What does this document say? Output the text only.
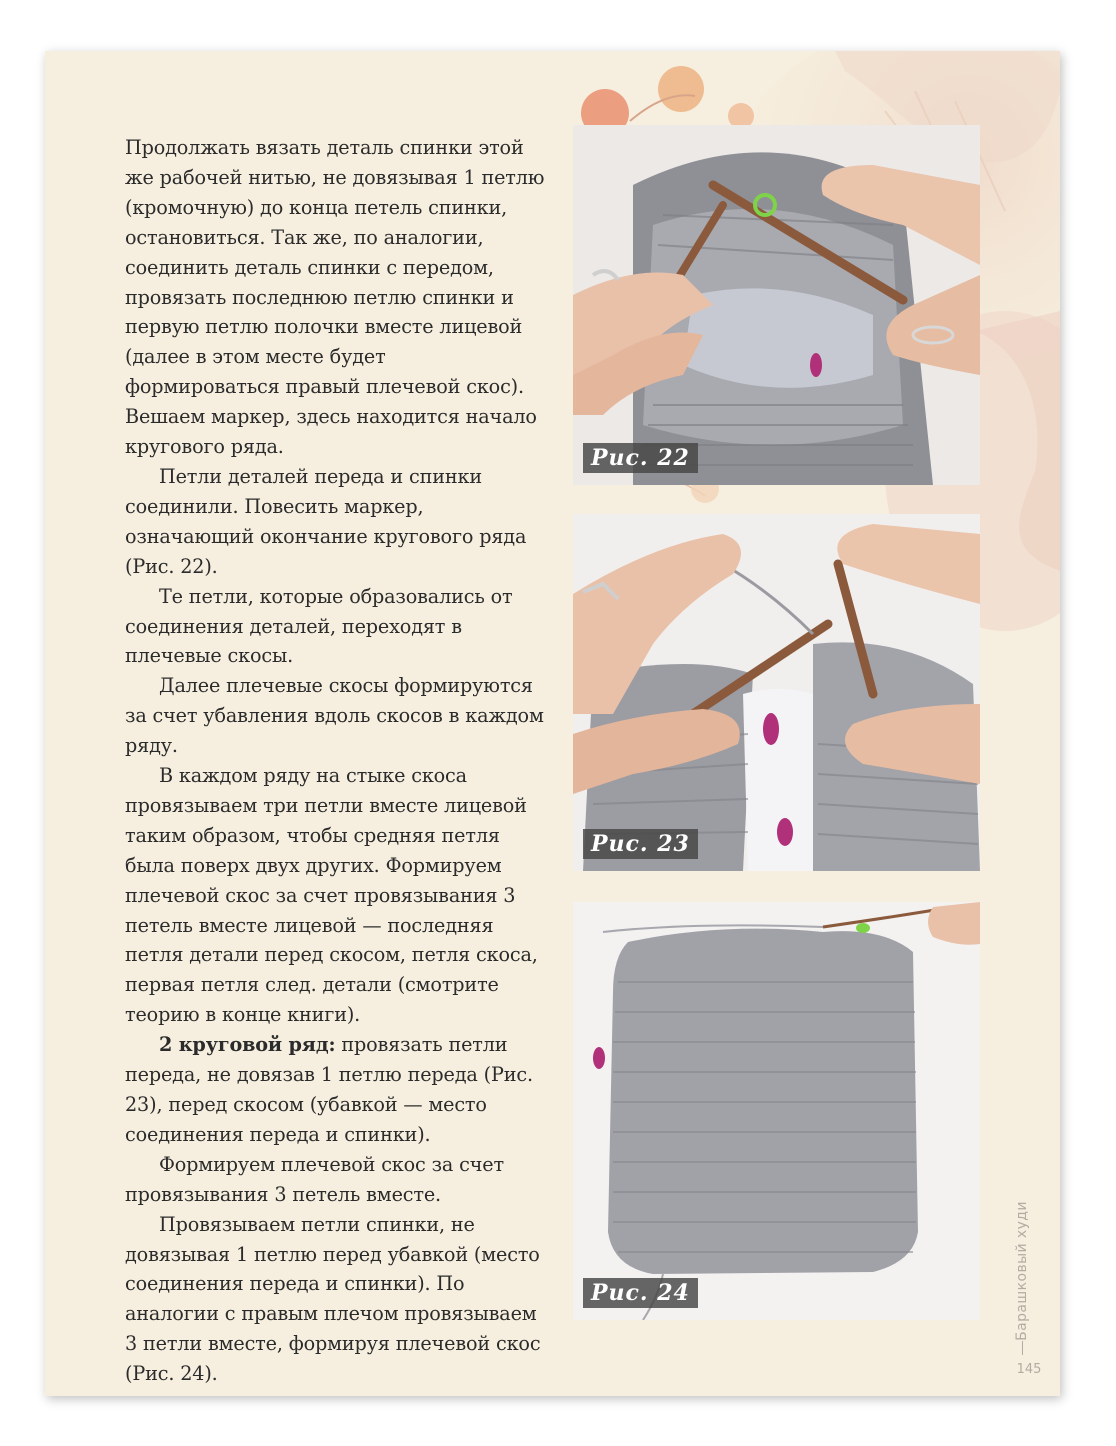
Продолжать вязать деталь спинки этой же рабочей нитью, не довязывая 1 петлю (кромочную) до конца петель спинки, остановиться. Так же, по аналогии, соединить деталь спинки с передом, провязать последнюю петлю спинки и первую петлю полочки вместе лицевой (далее в этом месте будет формироваться правый плечевой скос). Вешаем маркер, здесь находится начало кругового ряда.

Петли деталей переда и спинки соединили. Повесить маркер, означающий окончание кругового ряда (Рис. 22).

Те петли, которые образовались от соединения деталей, переходят в плечевые скосы.

Далее плечевые скосы формируются за счет убавления вдоль скосов в каждом ряду.

В каждом ряду на стыке скоса провязываем три петли вместе лицевой таким образом, чтобы средняя петля была поверх двух других. Формируем плечевой скос за счет провязывания 3 петель вместе лицевой — последняя петля детали перед скосом, петля скоса, первая петля след. детали (смотрите теорию в конце книги).

2 круговой ряд: провязать петли переда, не довязав 1 петлю переда (Рис. 23), перед скосом (убавкой — место соединения переда и спинки).

Формируем плечевой скос за счет провязывания 3 петель вместе.

Провязываем петли спинки, не довязывая 1 петлю перед убавкой (место соединения переда и спинки). По аналогии с правым плечом провязываем 3 петли вместе, формируя плечевой скос (Рис. 24).

Рис. 22
Рис. 23
Рис. 24	Барашковый худи
145
